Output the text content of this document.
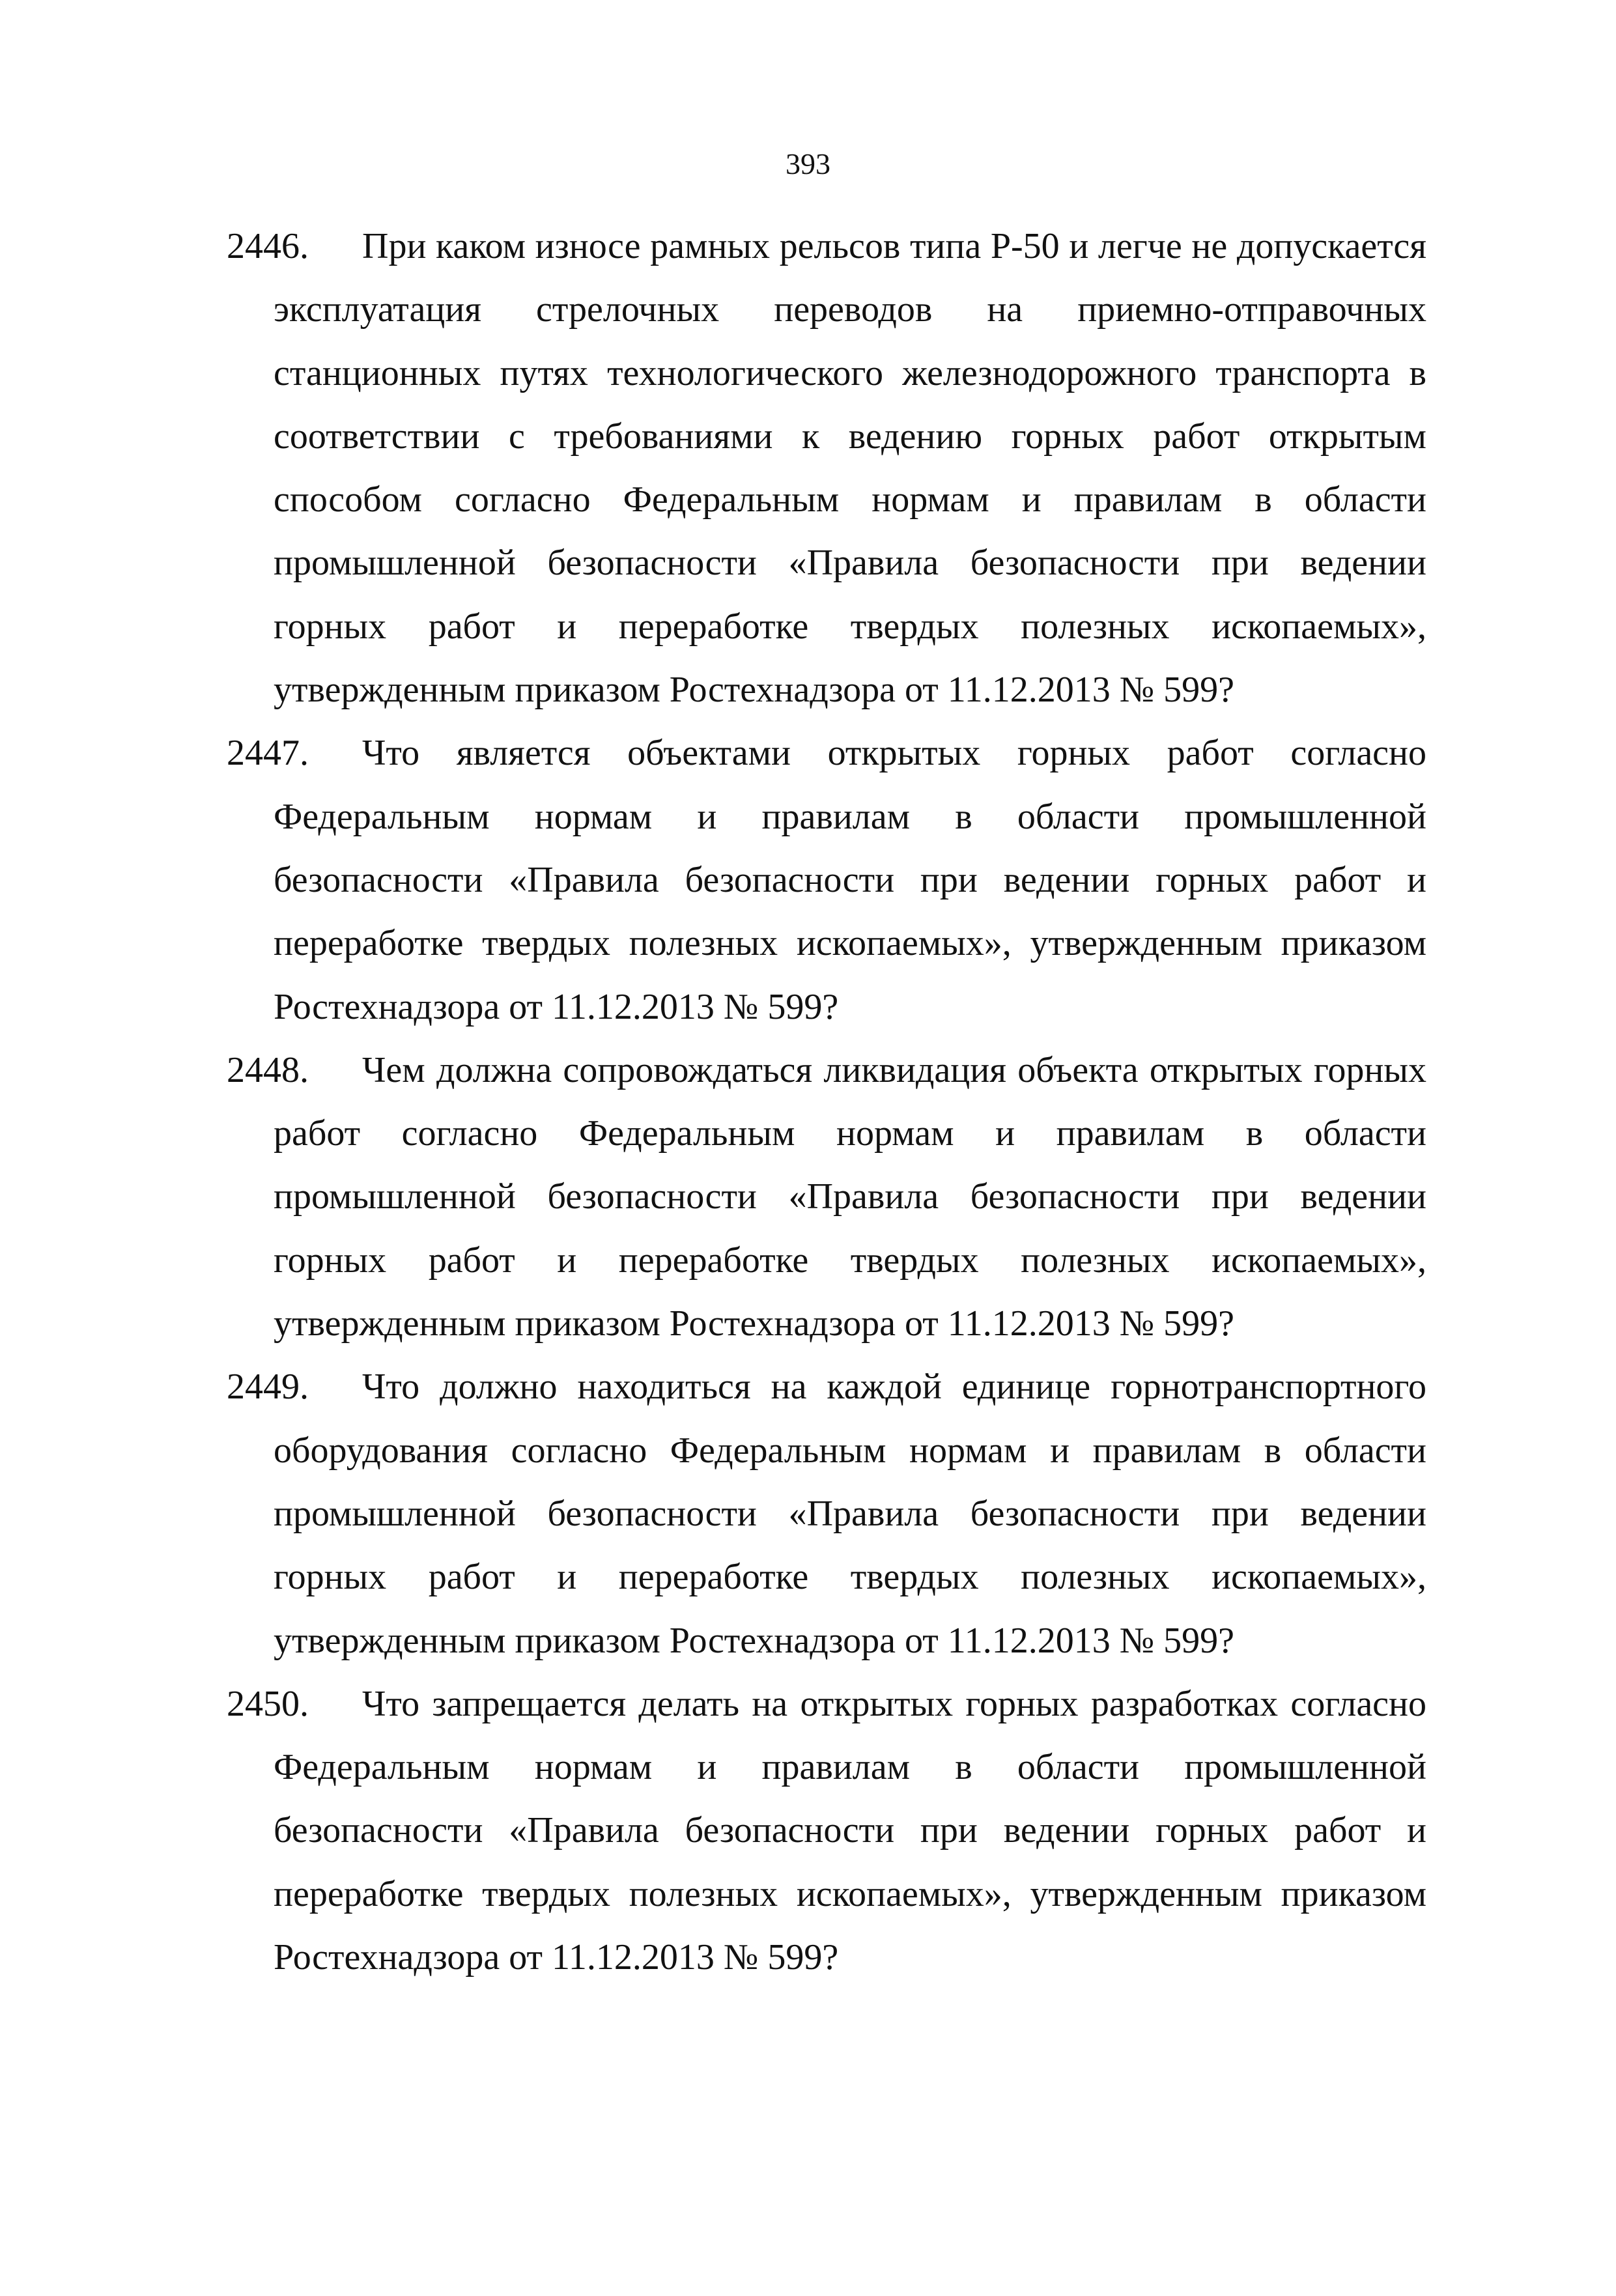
393

2446.	При каком износе рамных рельсов типа Р-50 и легче не допускается эксплуатация стрелочных переводов на приемно-отправочных станционных путях технологического железнодорожного транспорта в соответствии с требованиями к ведению горных работ открытым способом согласно Федеральным нормам и правилам в области промышленной безопасности «Правила безопасности при ведении горных работ и переработке твердых полезных ископаемых», утвержденным приказом Ростехнадзора от 11.12.2013 № 599?

2447.	Что является объектами открытых горных работ согласно Федеральным нормам и правилам в области промышленной безопасности «Правила безопасности при ведении горных работ и переработке твердых полезных ископаемых», утвержденным приказом Ростехнадзора от 11.12.2013 № 599?

2448.	Чем должна сопровождаться ликвидация объекта открытых горных работ согласно Федеральным нормам и правилам в области промышленной безопасности «Правила безопасности при ведении горных работ и переработке твердых полезных ископаемых», утвержденным приказом Ростехнадзора от 11.12.2013 № 599?

2449.	Что должно находиться на каждой единице горнотранспортного оборудования согласно Федеральным нормам и правилам в области промышленной безопасности «Правила безопасности при ведении горных работ и переработке твердых полезных ископаемых», утвержденным приказом Ростехнадзора от 11.12.2013 № 599?

2450.	Что запрещается делать на открытых горных разработках согласно Федеральным нормам и правилам в области промышленной безопасности «Правила безопасности при ведении горных работ и переработке твердых полезных ископаемых», утвержденным приказом Ростехнадзора от 11.12.2013 № 599?
